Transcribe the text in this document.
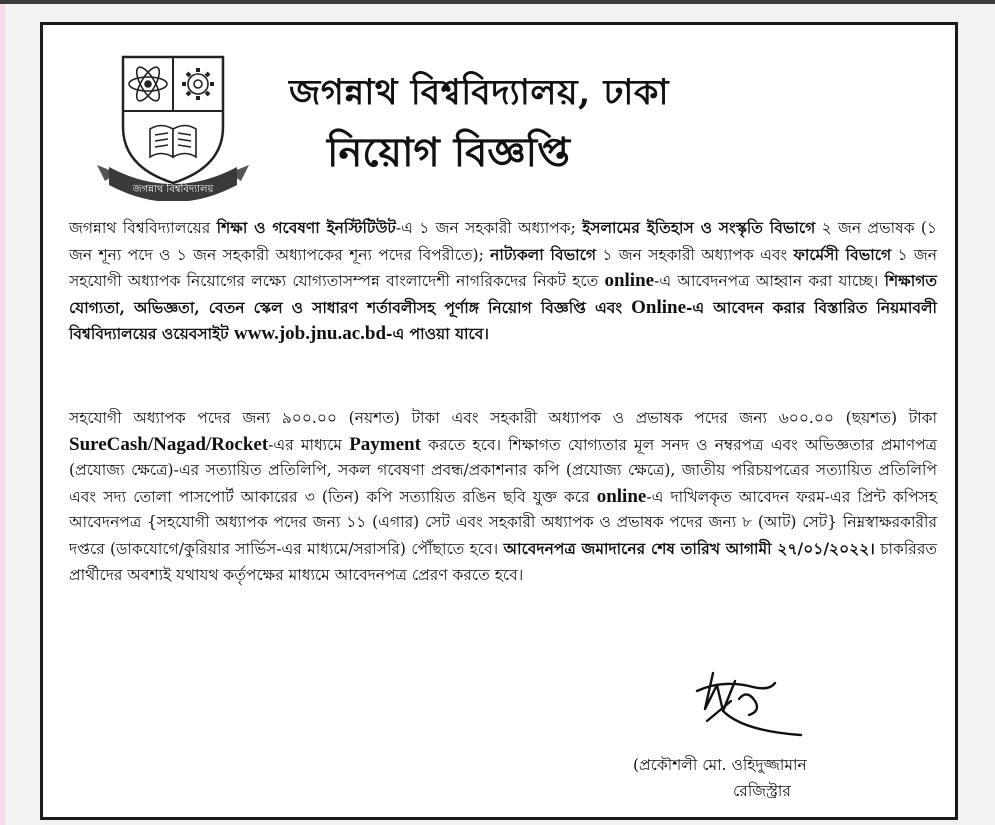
জগন্নাথ বিশ্ববিদ্যালয়
জগন্নাথ বিশ্ববিদ্যালয়, ঢাকা
নিয়োগ বিজ্ঞপ্তি

জগন্নাথ বিশ্ববিদ্যালয়ের শিক্ষা ও গবেষণা ইনস্টিটিউট-এ ১ জন সহকারী অধ্যাপক; ইসলামের ইতিহাস ও সংস্কৃতি বিভাগে ২ জন প্রভাষক (১ জন শূন্য পদে ও ১ জন সহকারী অধ্যাপকের শূন্য পদের বিপরীতে); নাট্যকলা বিভাগে ১ জন সহকারী অধ্যাপক এবং ফার্মেসী বিভাগে ১ জন সহযোগী অধ্যাপক নিয়োগের লক্ষ্যে যোগ্যতাসম্পন্ন বাংলাদেশী নাগরিকদের নিকট হতে online-এ আবেদনপত্র আহ্বান করা যাচ্ছে। শিক্ষাগত যোগ্যতা, অভিজ্ঞতা, বেতন স্কেল ও সাধারণ শর্তাবলীসহ পূর্ণাঙ্গ নিয়োগ বিজ্ঞপ্তি এবং Online-এ আবেদন করার বিস্তারিত নিয়মাবলী বিশ্ববিদ্যালয়ের ওয়েবসাইট www.job.jnu.ac.bd-এ পাওয়া যাবে।

সহযোগী অধ্যাপক পদের জন্য ৯০০.০০ (নয়শত) টাকা এবং সহকারী অধ্যাপক ও প্রভাষক পদের জন্য ৬০০.০০ (ছয়শত) টাকা SureCash/Nagad/Rocket-এর মাধ্যমে Payment করতে হবে। শিক্ষাগত যোগ্যতার মূল সনদ ও নম্বরপত্র এবং অভিজ্ঞতার প্রমাণপত্র (প্রযোজ্য ক্ষেত্রে)-এর সত্যায়িত প্রতিলিপি, সকল গবেষণা প্রবন্ধ/প্রকাশনার কপি (প্রযোজ্য ক্ষেত্রে), জাতীয় পরিচয়পত্রের সত্যায়িত প্রতিলিপি এবং সদ্য তোলা পাসপোর্ট আকারের ৩ (তিন) কপি সত্যায়িত রঙিন ছবি যুক্ত করে online-এ দাখিলকৃত আবেদন ফরম-এর প্রিন্ট কপিসহ আবেদনপত্র {সহযোগী অধ্যাপক পদের জন্য ১১ (এগার) সেট এবং সহকারী অধ্যাপক ও প্রভাষক পদের জন্য ৮ (আট) সেট} নিম্নস্বাক্ষরকারীর দপ্তরে (ডাকযোগে/কুরিয়ার সার্ভিস-এর মাধ্যমে/সরাসরি) পৌঁছাতে হবে। আবেদনপত্র জমাদানের শেষ তারিখ আগামী ২৭/০১/২০২২। চাকরিরত প্রার্থীদের অবশ্যই যথাযথ কর্তৃপক্ষের মাধ্যমে আবেদনপত্র প্রেরণ করতে হবে।

(প্রকৌশলী মো. ওহিদুজ্জামান
রেজিস্ট্রার
